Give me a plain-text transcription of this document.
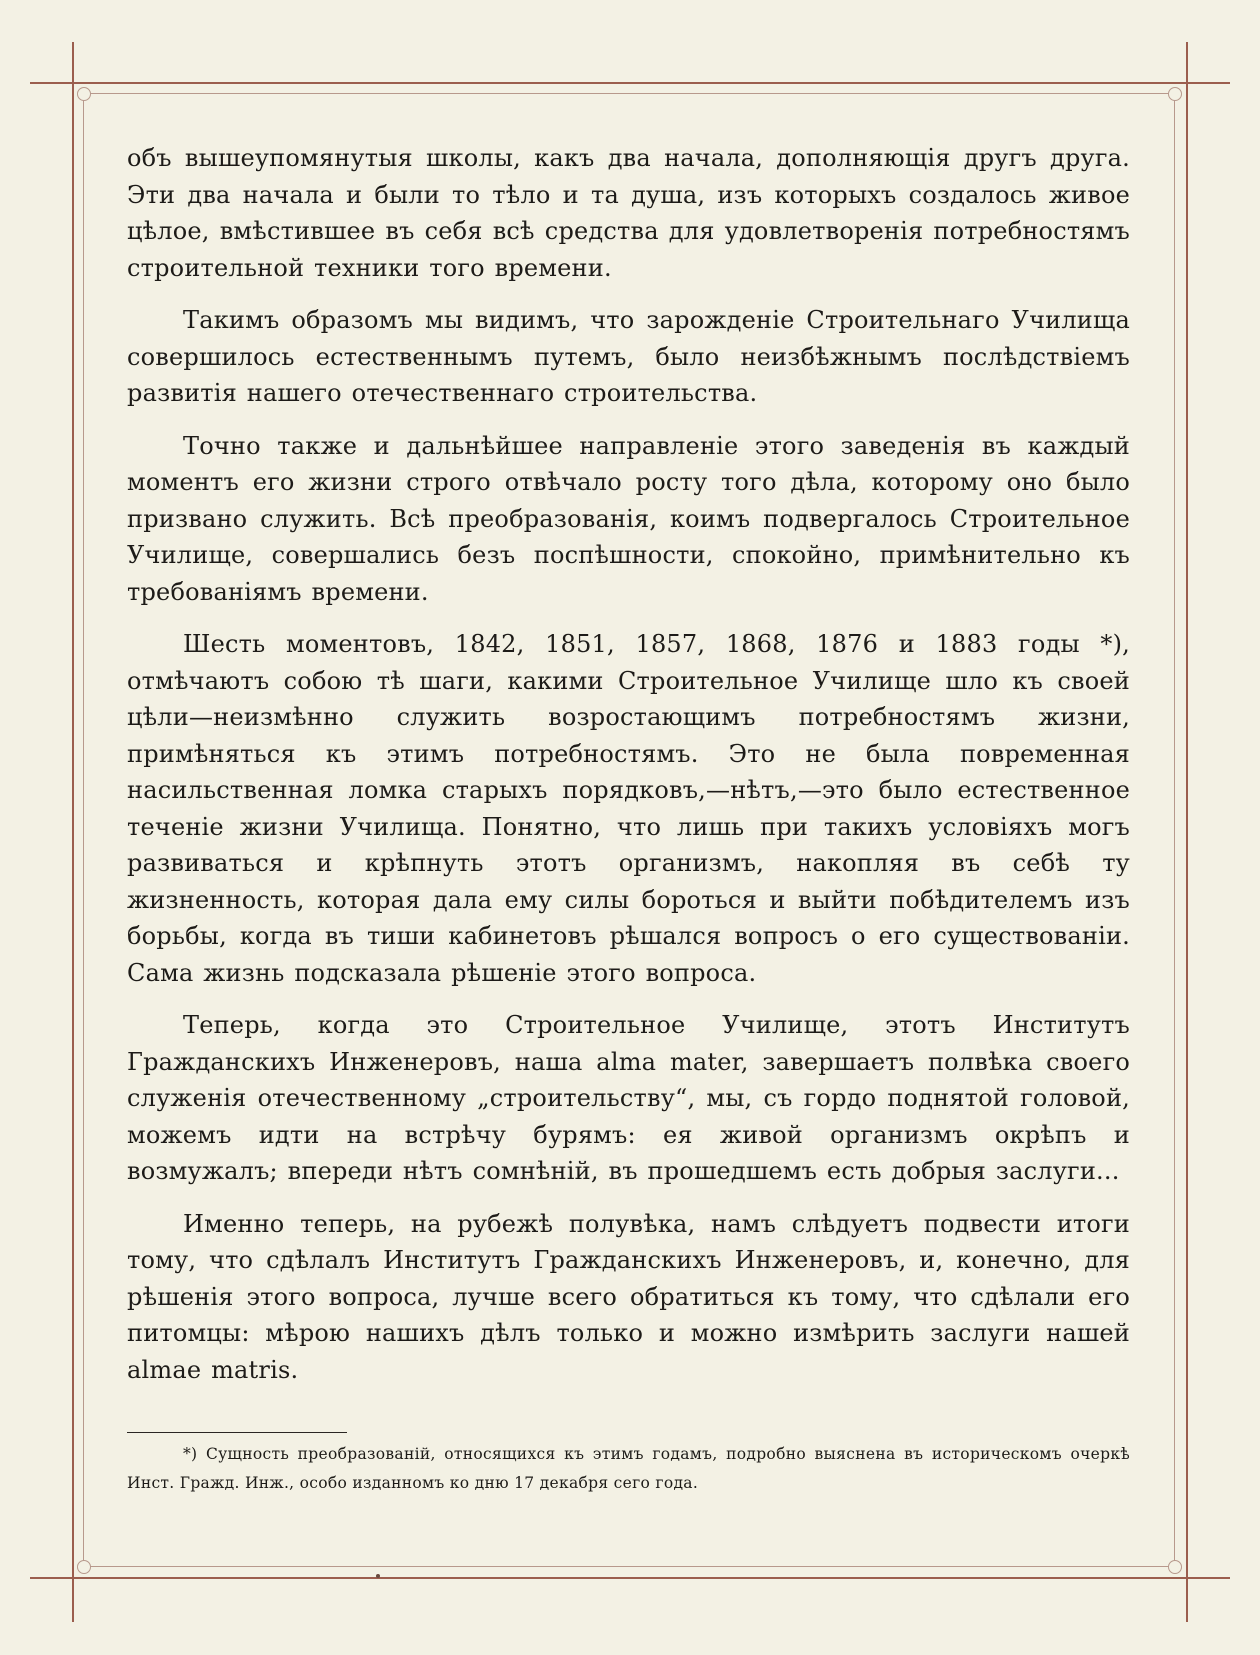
объ вышеупомянутыя школы, какъ два начала, дополняющія другъ друга. Эти два начала и были то тѣло и та душа, изъ которыхъ создалось живое цѣлое, вмѣстившее въ себя всѣ средства для удовлетворенія потребностямъ строительной техники того времени.

Такимъ образомъ мы видимъ, что зарожденіе Строительнаго Училища совершилось естественнымъ путемъ, было неизбѣжнымъ послѣдствіемъ развитія нашего отечественнаго строительства.

Точно также и дальнѣйшее направленіе этого заведенія въ каждый моментъ его жизни строго отвѣчало росту того дѣла, которому оно было призвано служить. Всѣ преобразованія, коимъ подвергалось Строительное Училище, совершались безъ поспѣшности, спокойно, примѣнительно къ требованіямъ времени.

Шесть моментовъ, 1842, 1851, 1857, 1868, 1876 и 1883 годы *), отмѣчаютъ собою тѣ шаги, какими Строительное Училище шло къ своей цѣли—неизмѣнно служить возростающимъ потребностямъ жизни, примѣняться къ этимъ потребностямъ. Это не была повременная насильственная ломка старыхъ порядковъ,—нѣтъ,—это было естественное теченіе жизни Училища. Понятно, что лишь при такихъ условіяхъ могъ развиваться и крѣпнуть этотъ организмъ, накопляя въ себѣ ту жизненность, которая дала ему силы бороться и выйти побѣдителемъ изъ борьбы, когда въ тиши кабинетовъ рѣшался вопросъ о его существованіи. Сама жизнь подсказала рѣшеніе этого вопроса.

Теперь, когда это Строительное Училище, этотъ Институтъ Гражданскихъ Инженеровъ, наша alma mater, завершаетъ полвѣка своего служенія отечественному „строительству“, мы, съ гордо поднятой головой, можемъ идти на встрѣчу бурямъ: ея живой организмъ окрѣпъ и возмужалъ; впереди нѣтъ сомнѣній, въ прошедшемъ есть добрыя заслуги...

Именно теперь, на рубежѣ полувѣка, намъ слѣдуетъ подвести итоги тому, что сдѣлалъ Институтъ Гражданскихъ Инженеровъ, и, конечно, для рѣшенія этого вопроса, лучше всего обратиться къ тому, что сдѣлали его питомцы: мѣрою нашихъ дѣлъ только и можно измѣрить заслуги нашей almae matris.

*) Сущность преобразованій, относящихся къ этимъ годамъ, подробно выяснена въ историческомъ очеркѣ Инст. Гражд. Инж., особо изданномъ ко дню 17 декабря сего года.
